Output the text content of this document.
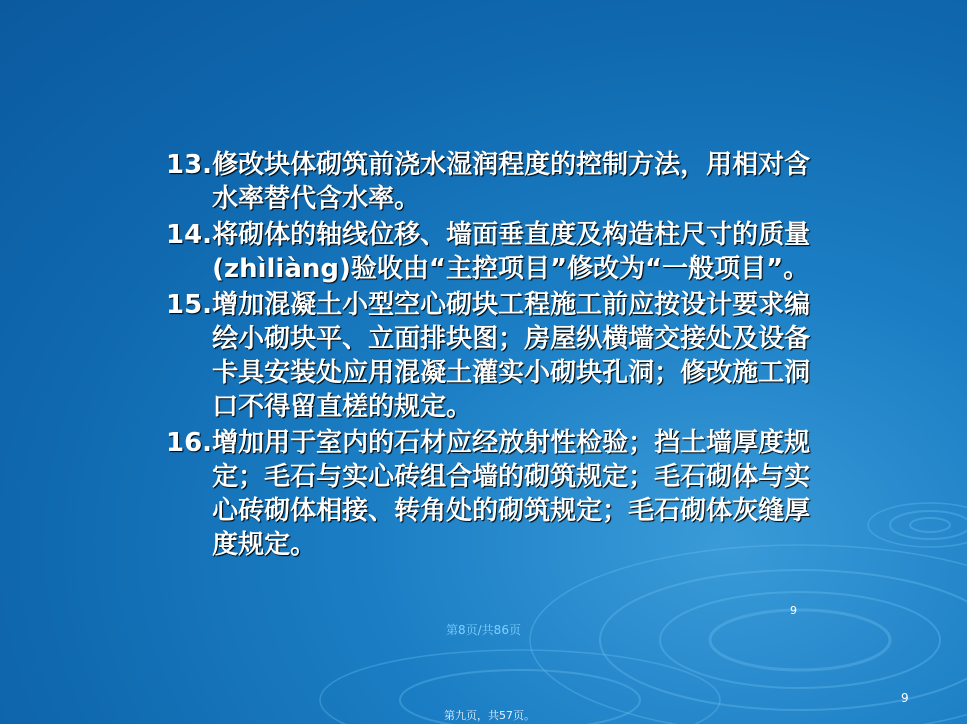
13. 修改块体砌筑前浇水湿润程度的控制方法，用相对含水率替代含水率。
14. 将砌体的轴线位移、墙面垂直度及构造柱尺寸的质量(zhìliàng)验收由“主控项目”修改为“一般项目”。
15. 增加混凝土小型空心砌块工程施工前应按设计要求编绘小砌块平、立面排块图；房屋纵横墙交接处及设备卡具安装处应用混凝土灌实小砌块孔洞；修改施工洞口不得留直槎的规定。
16. 增加用于室内的石材应经放射性检验；挡土墙厚度规定；毛石与实心砖组合墙的砌筑规定；毛石砌体与实心砖砌体相接、转角处的砌筑规定；毛石砌体灰缝厚度规定。
9
第8页/共86页
9
第九页，共57页。
